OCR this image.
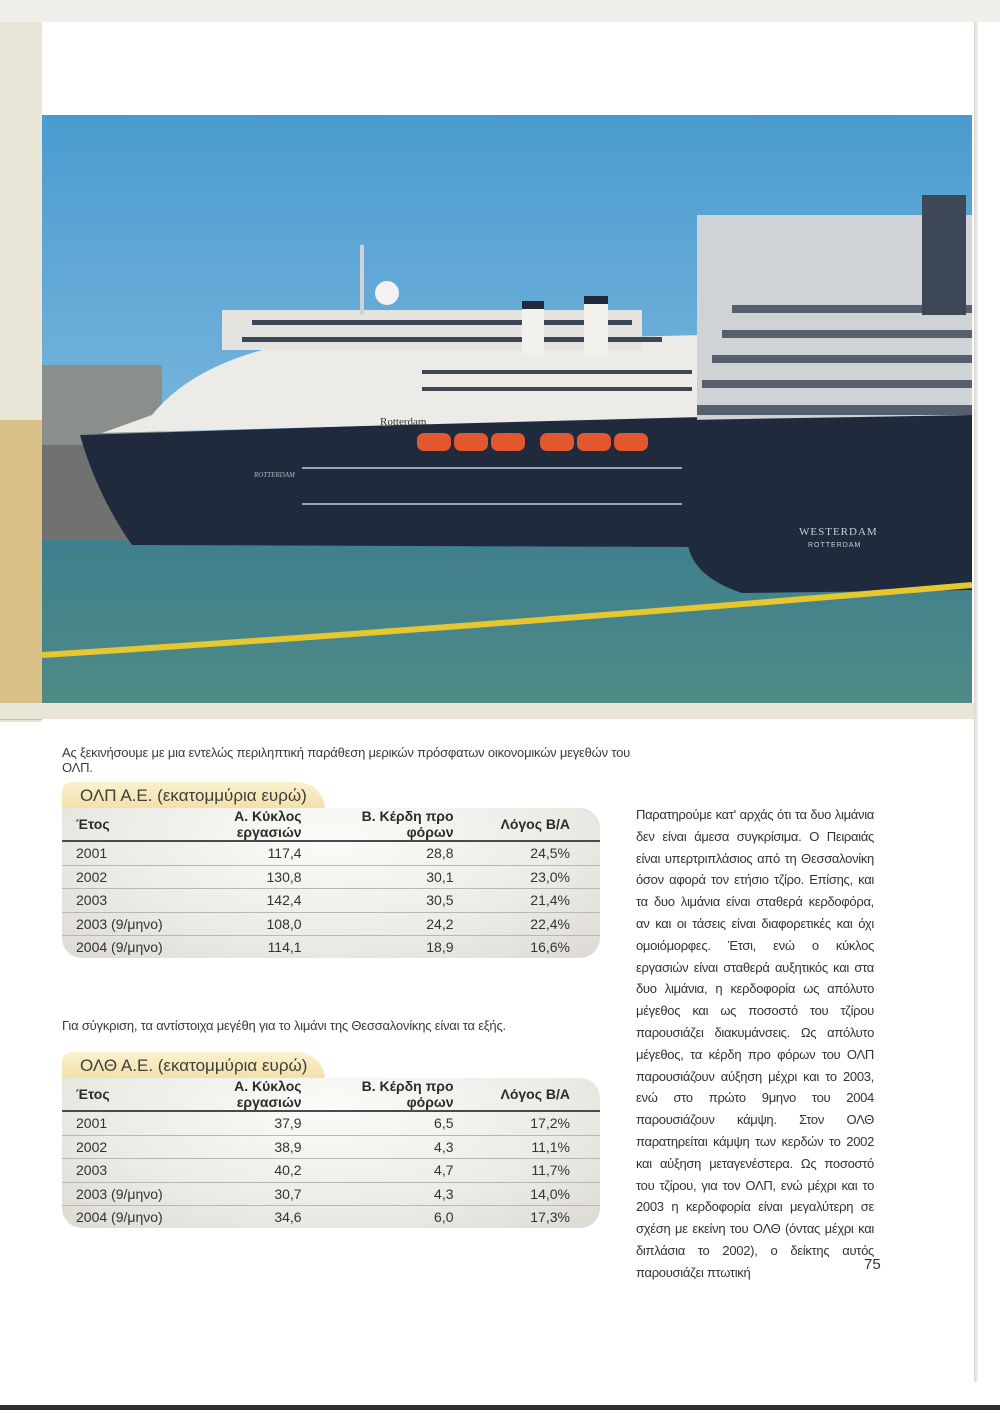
Rotterdam
ROTTERDAM
WESTERDAM
ROTTERDAM
Ας ξεκινήσουμε με μια εντελώς περιληπτική παράθεση μερικών πρόσφατων οικονομικών μεγεθών του ΟΛΠ.
ΟΛΠ Α.Ε. (εκατομμύρια ευρώ)
Έτος	Α. Κύκλος εργασιών	Β. Κέρδη προ φόρων	Λόγος Β/Α
2001	117,4	28,8	24,5%
2002	130,8	30,1	23,0%
2003	142,4	30,5	21,4%
2003 (9/μηνο)	108,0	24,2	22,4%
2004 (9/μηνο)	114,1	18,9	16,6%
Για σύγκριση, τα αντίστοιχα μεγέθη για το λιμάνι της Θεσσαλονίκης είναι τα εξής.
ΟΛΘ Α.Ε. (εκατομμύρια ευρώ)
Έτος	Α. Κύκλος εργασιών	Β. Κέρδη προ φόρων	Λόγος Β/Α
2001	37,9	6,5	17,2%
2002	38,9	4,3	11,1%
2003	40,2	4,7	11,7%
2003 (9/μηνο)	30,7	4,3	14,0%
2004 (9/μηνο)	34,6	6,0	17,3%
Παρατηρούμε κατ' αρχάς ότι τα δυο λιμάνια δεν είναι άμεσα συγκρίσιμα. Ο Πειραιάς είναι υπερτριπλάσιος από τη Θεσσαλονίκη όσον αφορά τον ετήσιο τζίρο. Επίσης, και τα δυο λιμάνια είναι σταθερά κερδοφόρα, αν και οι τάσεις είναι διαφορετικές και όχι ομοιόμορφες. Έτσι, ενώ ο κύκλος εργασιών είναι σταθερά αυξητικός και στα δυο λιμάνια, η κερδοφορία ως απόλυτο μέγεθος και ως ποσοστό του τζίρου παρουσιάζει διακυμάνσεις. Ως απόλυτο μέγεθος, τα κέρδη προ φόρων του ΟΛΠ παρουσιάζουν αύξηση μέχρι και το 2003, ενώ στο πρώτο 9μηνο του 2004 παρουσιάζουν κάμψη. Στον ΟΛΘ παρατηρείται κάμψη των κερδών το 2002 και αύξηση μεταγενέστερα. Ως ποσοστό του τζίρου, για τον ΟΛΠ, ενώ μέχρι και το 2003 η κερδοφορία είναι μεγαλύτερη σε σχέση με εκείνη του ΟΛΘ (όντας μέχρι και διπλάσια το 2002), ο δείκτης αυτός παρουσιάζει πτωτική	75
